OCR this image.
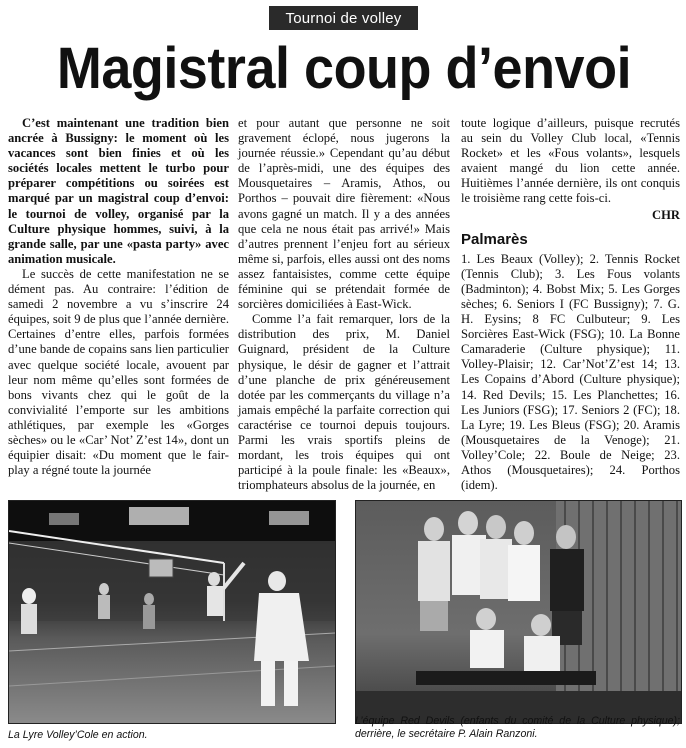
Tournoi de volley
Magistral coup d’envoi

C’est maintenant une tradition bien ancrée à Bussigny: le moment où les vacances sont bien finies et où les sociétés locales mettent le turbo pour préparer compétitions ou soirées est marqué par un magistral coup d’envoi: le tournoi de volley, organisé par la Culture physique hommes, suivi, à la grande salle, par une «pasta party» avec animation musicale.

Le succès de cette manifestation ne se dément pas. Au contraire: l’édition de samedi 2 novembre a vu s’inscrire 24 équipes, soit 9 de plus que l’année dernière. Certaines d’entre elles, parfois formées d’une bande de copains sans lien particulier avec quelque société locale, avouent par leur nom même qu’elles sont formées de bons vivants chez qui le goût de la convivialité l’emporte sur les ambitions athlétiques, par exemple les «Gorges sèches» ou le «Car’ Not’ Z’est 14», dont un équipier disait: «Du moment que le fair-play a régné toute la journée

et pour autant que personne ne soit gravement éclopé, nous jugerons la journée réussie.» Cependant qu’au début de l’après-midi, une des équipes des Mousquetaires – Aramis, Athos, ou Porthos – pouvait dire fièrement: «Nous avons gagné un match. Il y a des années que cela ne nous était pas arrivé!» Mais d’autres prennent l’enjeu fort au sérieux même si, parfois, elles aussi ont des noms assez fantaisistes, comme cette équipe féminine qui se prétendait formée de sorcières domiciliées à East-Wick.

Comme l’a fait remarquer, lors de la distribution des prix, M. Daniel Guignard, président de la Culture physique, le désir de gagner et l’attrait d’une planche de prix généreusement dotée par les commerçants du village n’a jamais empêché la parfaite correction qui caractérise ce tournoi depuis toujours. Parmi les vrais sportifs pleins de mordant, les trois équipes qui ont participé à la poule finale: les «Beaux», triomphateurs absolus de la journée, en

toute logique d’ailleurs, puisque recrutés au sein du Volley Club local, «Tennis Rocket» et les «Fous volants», lesquels avaient mangé du lion cette année. Huitièmes l’année dernière, ils ont conquis le troisième rang cette fois-ci.

CHR

Palmarès

1. Les Beaux (Volley); 2. Tennis Rocket (Tennis Club); 3. Les Fous volants (Badminton); 4. Bobst Mix; 5. Les Gorges sèches; 6. Seniors I (FC Bussigny); 7. G. H. Eysins; 8 FC Culbuteur; 9. Les Sorcières East-Wick (FSG); 10. La Bonne Camaraderie (Culture physique); 11. Volley-Plaisir; 12. Car’Not’Z’est 14; 13. Les Copains d’Abord (Culture physique); 14. Red Devils; 15. Les Planchettes; 16. Les Juniors (FSG); 17. Seniors 2 (FC); 18. La Lyre; 19. Les Bleus (FSG); 20. Aramis (Mousquetaires de la Venoge); 21. Volley’Cole; 22. Boule de Neige; 23. Athos (Mousquetaires); 24. Porthos (idem).

La Lyre Volley’Cole en action.
L’équipe Red Devils (enfants du comité de la Culture physique); derrière, le secrétaire P. Alain Ranzoni.
